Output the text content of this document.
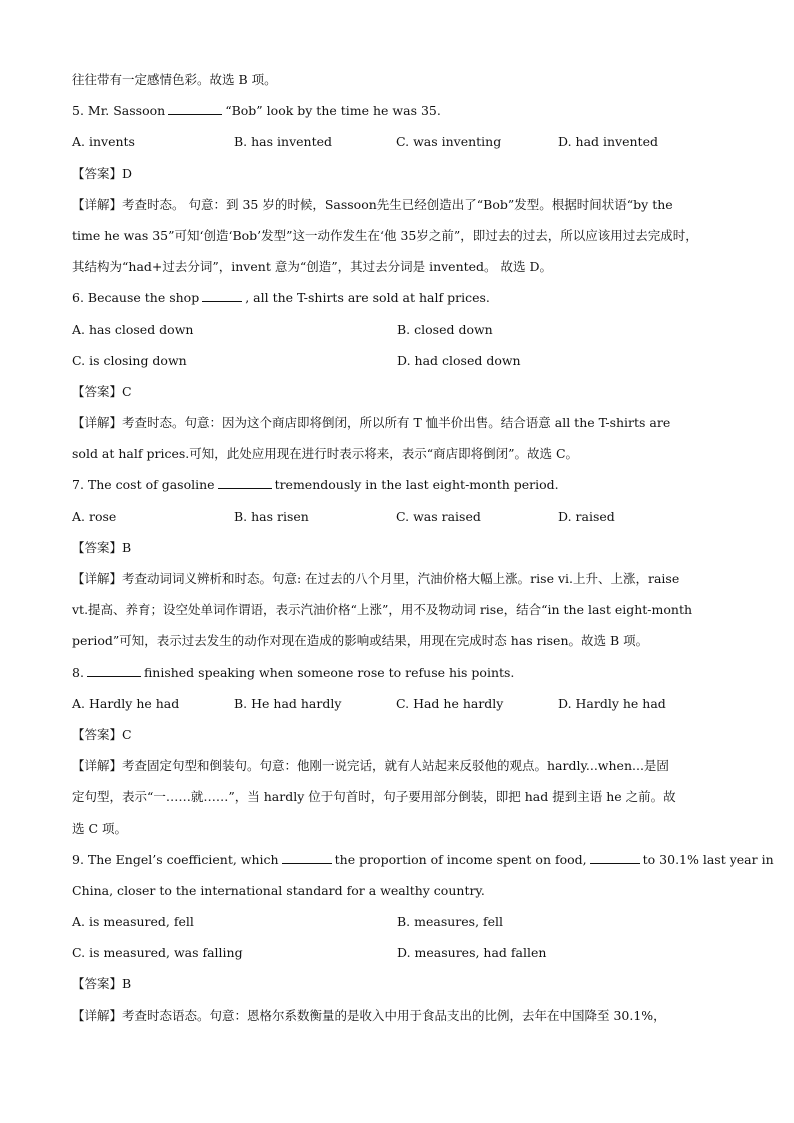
往往带有一定感情色彩。故选 B 项。
5. Mr. Sassoon	“Bob” look by the time he was 35.
A. invents	B. has invented	C. was inventing	D. had invented
【答案】D
【详解】考查时态。 句意：到 35 岁的时候，Sassoon先生已经创造出了“Bob”发型。根据时间状语“by the
time he was 35”可知‘创造‘Bob’发型”这一动作发生在‘他 35岁之前”，即过去的过去，所以应该用过去完成时，
其结构为“had+过去分词”，invent 意为“创造”，其过去分词是 invented。 故选 D。
6. Because the shop	, all the T-shirts are sold at half prices.
A. has closed down	B. closed down
C. is closing down	D. had closed down
【答案】C
【详解】考查时态。句意：因为这个商店即将倒闭，所以所有 T 恤半价出售。结合语意 all the T-shirts are
sold at half prices.可知，此处应用现在进行时表示将来，表示“商店即将倒闭”。故选 C。
7. The cost of gasoline	tremendously in the last eight-month period.
A. rose	B. has risen	C. was raised	D. raised
【答案】B
【详解】考查动词词义辨析和时态。句意: 在过去的八个月里，汽油价格大幅上涨。rise vi.上升、上涨，raise
vt.提高、养育；设空处单词作谓语，表示汽油价格“上涨”，用不及物动词 rise，结合“in the last eight-month
period”可知，表示过去发生的动作对现在造成的影响或结果，用现在完成时态 has risen。故选 B 项。
8.	finished speaking when someone rose to refuse his points.
A. Hardly he had	B. He had hardly	C. Had he hardly	D. Hardly he had
【答案】C
【详解】考查固定句型和倒装句。句意：他刚一说完话，就有人站起来反驳他的观点。hardly...when...是固
定句型，表示“一……就……”，当 hardly 位于句首时，句子要用部分倒装，即把 had 提到主语 he 之前。故
选 C 项。
9. The Engel’s coefficient, which	the proportion of income spent on food,	to 30.1% last year in
China, closer to the international standard for a wealthy country.
A. is measured, fell	B. measures, fell
C. is measured, was falling	D. measures, had fallen
【答案】B
【详解】考查时态语态。句意：恩格尔系数衡量的是收入中用于食品支出的比例，去年在中国降至 30.1%，
